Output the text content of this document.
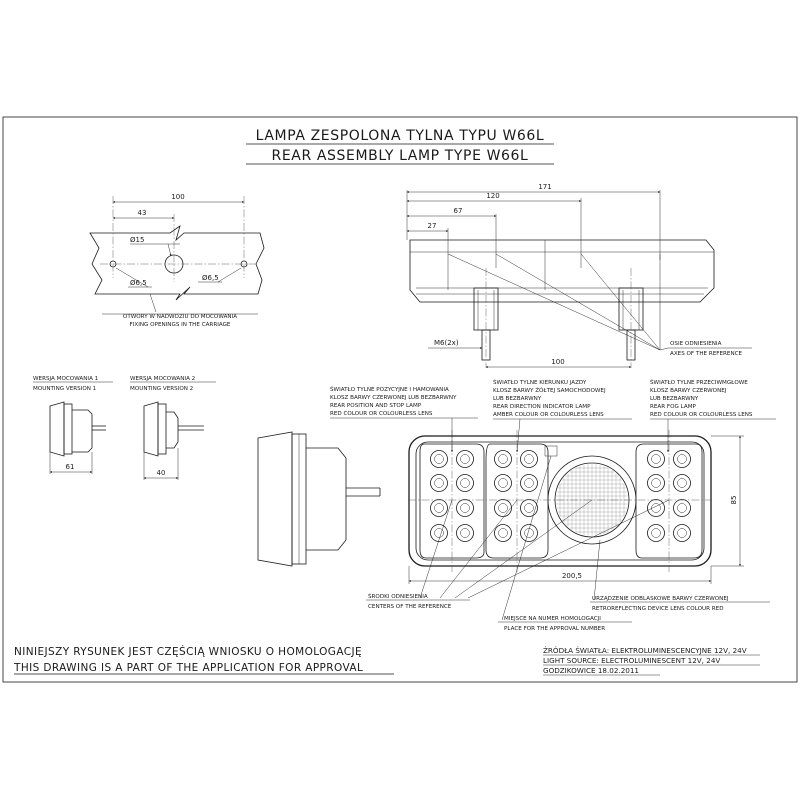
LAMPA ZESPOLONA TYLNA TYPU W66L
REAR ASSEMBLY LAMP TYPE W66L
100
43
Ø15
Ø6,5
Ø6,5
OTWORY W NADWOZIU DO MOCOWANIA
FIXING OPENINGS IN THE CARRIAGE
171
120
67
27
M6(2x)
100
OSIE ODNIESIENIA
AXES OF THE REFERENCE
WERSJA MOCOWANIA 1
MOUNTING VERSION 1
61
WERSJA MOCOWANIA 2
MOUNTING VERSION 2
40
200,5
85
ŚWIATŁO TYLNE POZYCYJNE I HAMOWANIA
KLOSZ BARWY CZERWONEJ LUB BEZBARWNY
REAR POSITION AND STOP LAMP
RED COLOUR OR COLOURLESS LENS
ŚWIATŁO TYLNE KIERUNKU JAZDY
KLOSZ BARWY ŻÓŁTEJ SAMOCHODOWEJ
LUB BEZBARWNY
REAR DIRECTION INDICATOR LAMP
AMBER COLOUR OR COLOURLESS LENS
ŚWIATŁO TYLNE PRZECIWMGŁOWE
KLOSZ BARWY CZERWONEJ
LUB BEZBARWNY
REAR FOG LAMP
RED COLOUR OR COLOURLESS LENS
ŚRODKI ODNIESIENIA
CENTERS OF THE REFERENCE
MIEJSCE NA NUMER HOMOLOGACJI
PLACE FOR THE APPROVAL NUMBER
URZĄDZENIE ODBLASKOWE BARWY CZERWONEJ
RETROREFLECTING DEVICE LENS COLOUR RED
NINIEJSZY RYSUNEK JEST CZĘŚCIĄ WNIOSKU O HOMOLOGACJĘ
THIS DRAWING IS A PART OF THE APPLICATION FOR APPROVAL
ŹRÓDŁA ŚWIATŁA: ELEKTROLUMINESCENCYJNE 12V, 24V
LIGHT SOURCE: ELECTROLUMINESCENT 12V, 24V
GODZIKOWICE 18.02.2011
